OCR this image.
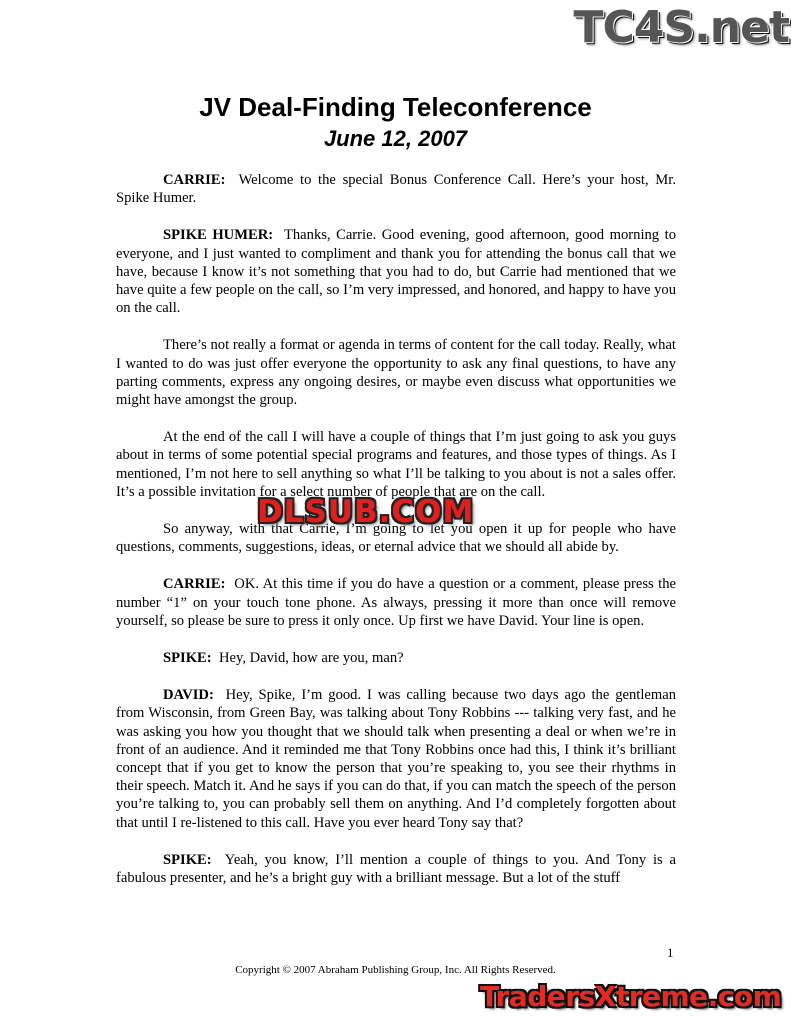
TC4S.net
JV Deal-Finding Teleconference
June 12, 2007

CARRIE: Welcome to the special Bonus Conference Call. Here’s your host, Mr. Spike Humer.

SPIKE HUMER: Thanks, Carrie. Good evening, good afternoon, good morning to everyone, and I just wanted to compliment and thank you for attending the bonus call that we have, because I know it’s not something that you had to do, but Carrie had mentioned that we have quite a few people on the call, so I’m very impressed, and honored, and happy to have you on the call.

There’s not really a format or agenda in terms of content for the call today. Really, what I wanted to do was just offer everyone the opportunity to ask any final questions, to have any parting comments, express any ongoing desires, or maybe even discuss what opportunities we might have amongst the group.

At the end of the call I will have a couple of things that I’m just going to ask you guys about in terms of some potential special programs and features, and those types of things. As I mentioned, I’m not here to sell anything so what I’ll be talking to you about is not a sales offer. It’s a possible invitation for a select number of people that are on the call.

So anyway, with that Carrie, I’m going to let you open it up for people who have questions, comments, suggestions, ideas, or eternal advice that we should all abide by.

CARRIE: OK. At this time if you do have a question or a comment, please press the number “1” on your touch tone phone. As always, pressing it more than once will remove yourself, so please be sure to press it only once. Up first we have David. Your line is open.

SPIKE: Hey, David, how are you, man?

DAVID: Hey, Spike, I’m good. I was calling because two days ago the gentleman from Wisconsin, from Green Bay, was talking about Tony Robbins --- talking very fast, and he was asking you how you thought that we should talk when presenting a deal or when we’re in front of an audience. And it reminded me that Tony Robbins once had this, I think it’s brilliant concept that if you get to know the person that you’re speaking to, you see their rhythms in their speech. Match it. And he says if you can do that, if you can match the speech of the person you’re talking to, you can probably sell them on anything. And I’d completely forgotten about that until I re-listened to this call. Have you ever heard Tony say that?

SPIKE: Yeah, you know, I’ll mention a couple of things to you. And Tony is a fabulous presenter, and he’s a bright guy with a brilliant message. But a lot of the stuff

DLSUB.COM
1
Copyright © 2007 Abraham Publishing Group, Inc. All Rights Reserved.
TradersXtreme.com
